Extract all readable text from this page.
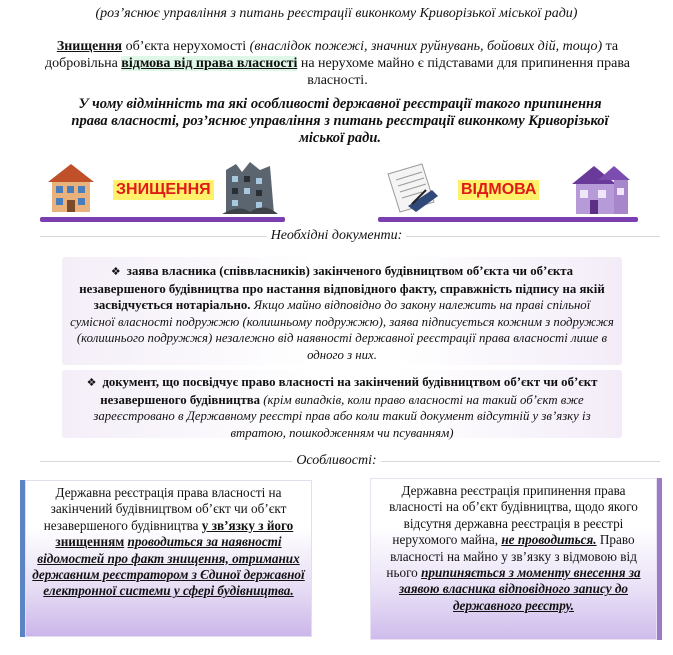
(роз’яснює управління з питань реєстрації виконкому Криворізької міської ради)
Знищення об’єкта нерухомості (внаслідок пожежі, значних руйнувань, бойових дій, тощо) та добровільна відмова від права власності на нерухоме майно є підставами для припинення права власності.
У чому відмінність та які особливості державної реєстрації такого припинення права власності, роз’яснює управління з питань реєстрації виконкому Криворізької міської ради.
ЗНИЩЕННЯ	ВІДМОВА
Необхідні документи:
❖ заява власника (співвласників) закінченого будівництвом об’єкта чи об’єкта незавершеного будівництва про настання відповідного факту, справжність підпису на якій засвідчується нотаріально. Якщо майно відповідно до закону належить на праві спільної сумісної власності подружжю (колишньому подружжю), заява підписується кожним з подружжя (колишнього подружжя) незалежно від наявності державної реєстрації права власності лише в одного з них.
❖ документ, що посвідчує право власності на закінчений будівництвом об’єкт чи об’єкт незавершеного будівництва (крім випадків, коли право власності на такий об’єкт вже зареєстровано в Державному реєстрі прав або коли такий документ відсутній у зв’язку із втратою, пошкодженням чи псуванням)
Особливості:
Державна реєстрація права власності на закінчений будівництвом об’єкт чи об’єкт незавершеного будівництва у зв’язку з його знищенням проводиться за наявності відомостей про факт знищення, отриманих державним реєстратором з Єдиної державної електронної системи у сфері будівництва.
Державна реєстрація припинення права власності на об’єкт будівництва, щодо якого відсутня державна реєстрація в реєстрі нерухомого майна, не проводиться. Право власності на майно у зв’язку з відмовою від нього припиняється з моменту внесення за заявою власника відповідного запису до державного реєстру.
